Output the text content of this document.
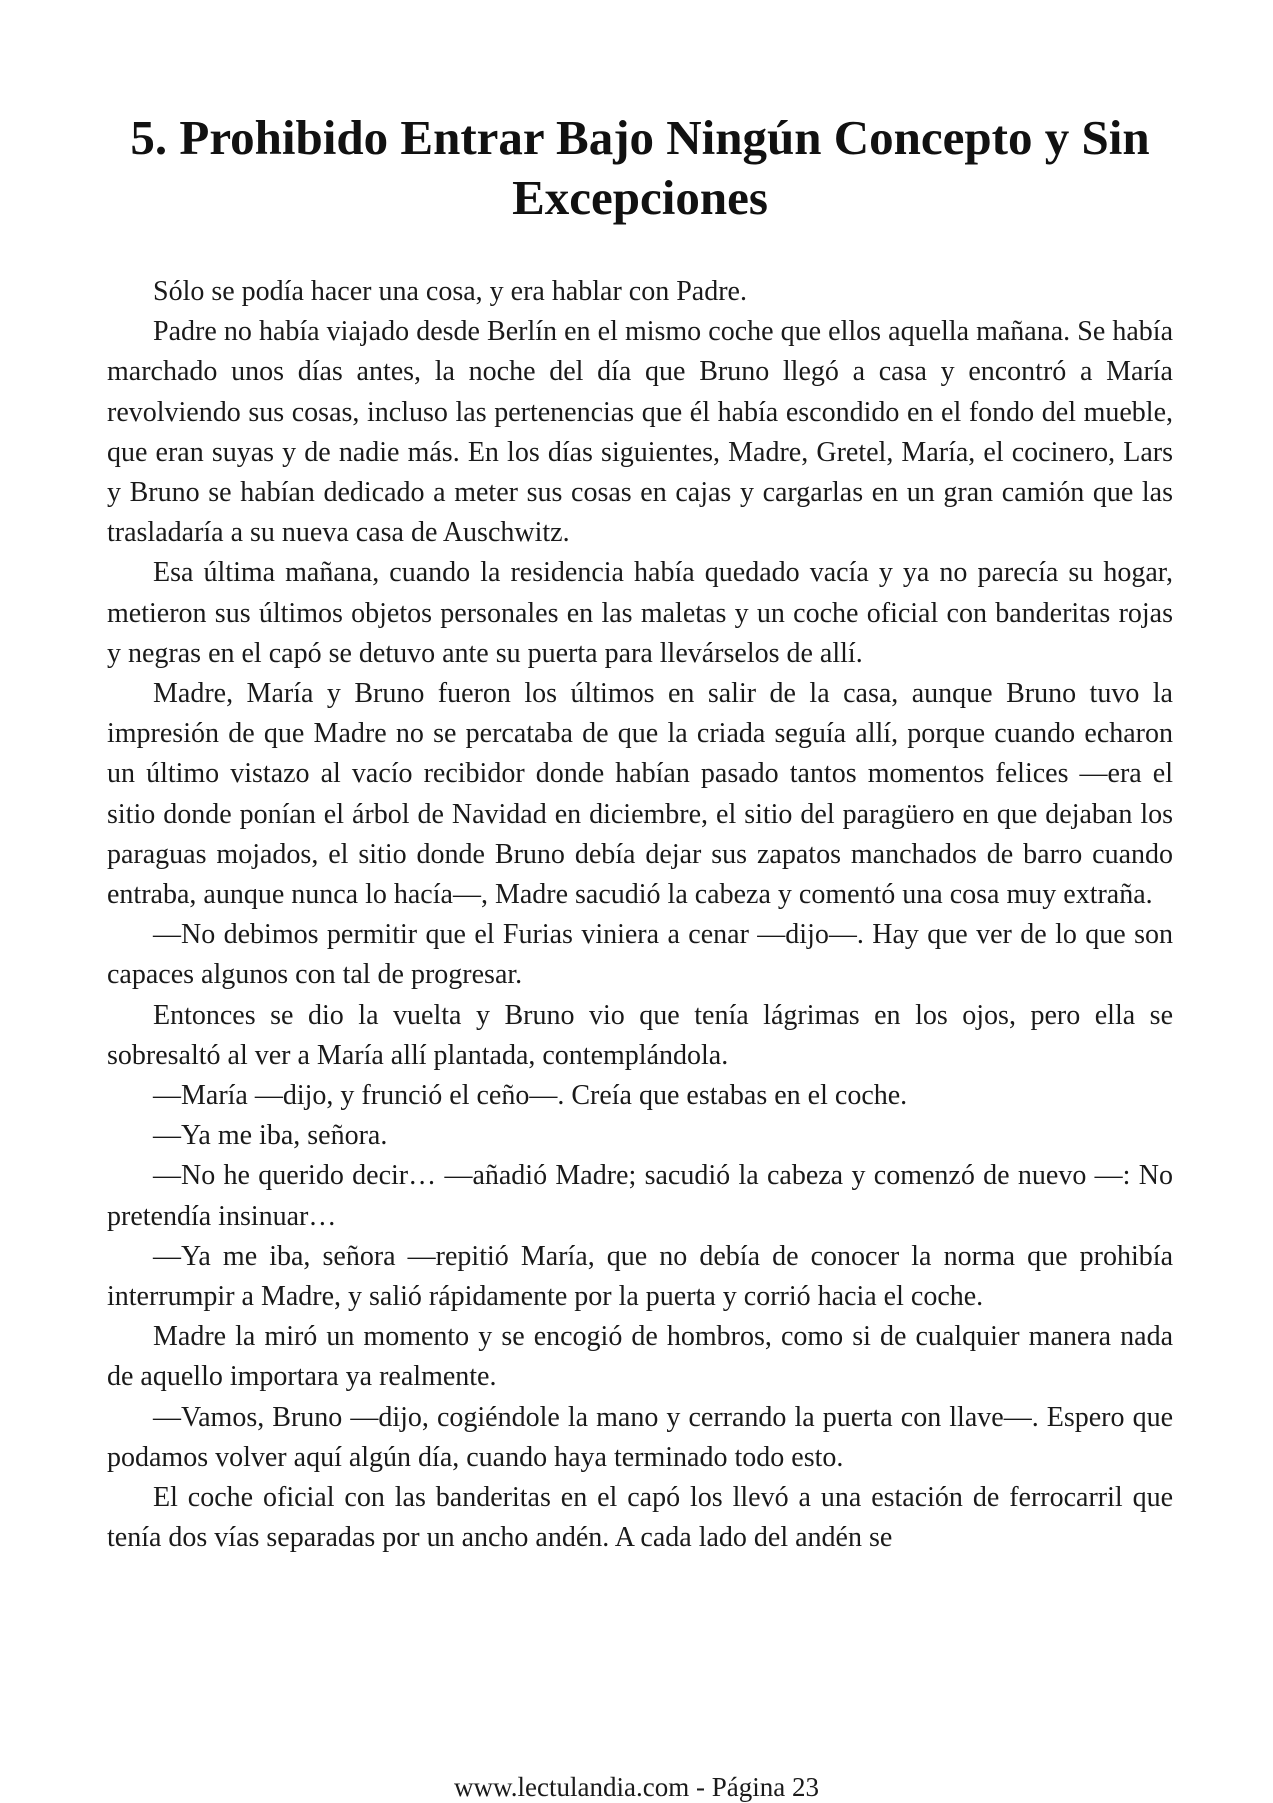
5. Prohibido Entrar Bajo Ningún Concepto y Sin Excepciones

Sólo se podía hacer una cosa, y era hablar con Padre.

Padre no había viajado desde Berlín en el mismo coche que ellos aquella mañana. Se había marchado unos días antes, la noche del día que Bruno llegó a casa y encontró a María revolviendo sus cosas, incluso las pertenencias que él había escondido en el fondo del mueble, que eran suyas y de nadie más. En los días siguientes, Madre, Gretel, María, el cocinero, Lars y Bruno se habían dedicado a meter sus cosas en cajas y cargarlas en un gran camión que las trasladaría a su nueva casa de Auschwitz.

Esa última mañana, cuando la residencia había quedado vacía y ya no parecía su hogar, metieron sus últimos objetos personales en las maletas y un coche oficial con banderitas rojas y negras en el capó se detuvo ante su puerta para llevárselos de allí.

Madre, María y Bruno fueron los últimos en salir de la casa, aunque Bruno tuvo la impresión de que Madre no se percataba de que la criada seguía allí, porque cuando echaron un último vistazo al vacío recibidor donde habían pasado tantos momentos felices —era el sitio donde ponían el árbol de Navidad en diciembre, el sitio del paragüero en que dejaban los paraguas mojados, el sitio donde Bruno debía dejar sus zapatos manchados de barro cuando entraba, aunque nunca lo hacía—, Madre sacudió la cabeza y comentó una cosa muy extraña.

—No debimos permitir que el Furias viniera a cenar —dijo—. Hay que ver de lo que son capaces algunos con tal de progresar.

Entonces se dio la vuelta y Bruno vio que tenía lágrimas en los ojos, pero ella se sobresaltó al ver a María allí plantada, contemplándola.

—María —dijo, y frunció el ceño—. Creía que estabas en el coche.

—Ya me iba, señora.

—No he querido decir… —añadió Madre; sacudió la cabeza y comenzó de nuevo —: No pretendía insinuar…

—Ya me iba, señora —repitió María, que no debía de conocer la norma que prohibía interrumpir a Madre, y salió rápidamente por la puerta y corrió hacia el coche.

Madre la miró un momento y se encogió de hombros, como si de cualquier manera nada de aquello importara ya realmente.

—Vamos, Bruno —dijo, cogiéndole la mano y cerrando la puerta con llave—. Espero que podamos volver aquí algún día, cuando haya terminado todo esto.

El coche oficial con las banderitas en el capó los llevó a una estación de ferrocarril que tenía dos vías separadas por un ancho andén. A cada lado del andén se

www.lectulandia.com - Página 23
